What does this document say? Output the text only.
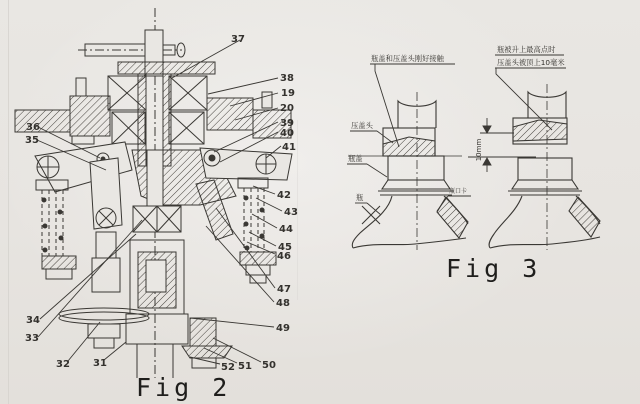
37
38
19
20
39
40
41
42
43
44
45
46
47
48
49
50
51
52
36
35
34
33
32 31
瓶盖和压盖头刚好接触
瓶被升上最高点时
压盖头被顶上10毫米
压盖头
瓶盖
瓶
瓶口卡
10mm
Fig 2
Fig 3
